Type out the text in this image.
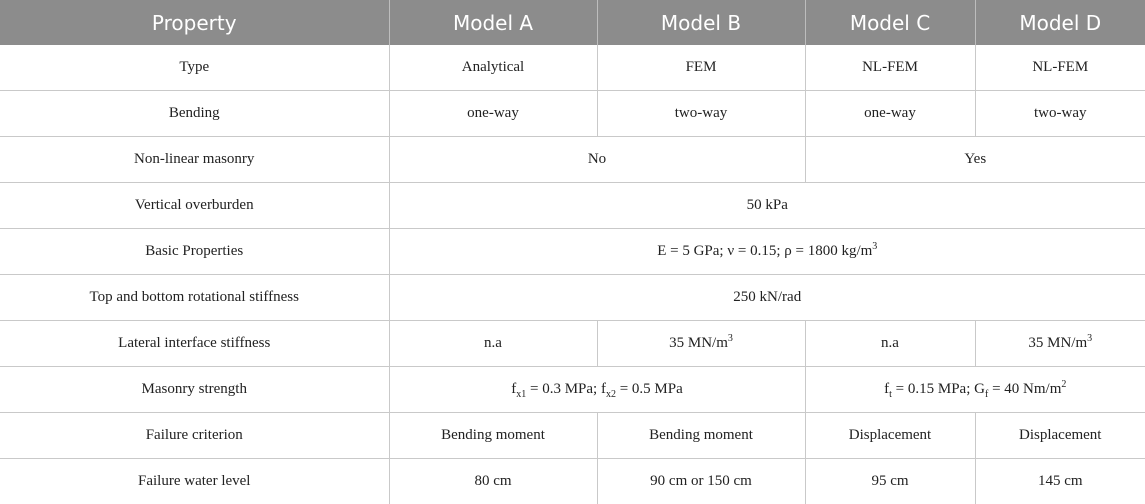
Property	Model A	Model B	Model C	Model D
Type	Analytical	FEM	NL-FEM	NL-FEM
Bending	one-way	two-way	one-way	two-way
Non-linear masonry	No		Yes	
Vertical overburden	50 kPa			
Basic Properties	E = 5 GPa; ν = 0.15; ρ = 1800 $kg/m^3$
Top and bottom rotational stiffness	250 kN/rad			
Lateral interface stiffness	n.a	35 $MN/m^3$	n.a	35 $MN/m^3$
Masonry strength	$f_{x1} = 0.3$ MPa; $f_{x2} = 0.5$ MPa		$f_t = 0.15$ MPa; $G_f = 40$ $Nm/m^2$
Failure criterion	Bending moment	Bending moment	Displacement	Displacement
Failure water level	80 cm	90 cm or 150 cm	95 cm	145 cm
